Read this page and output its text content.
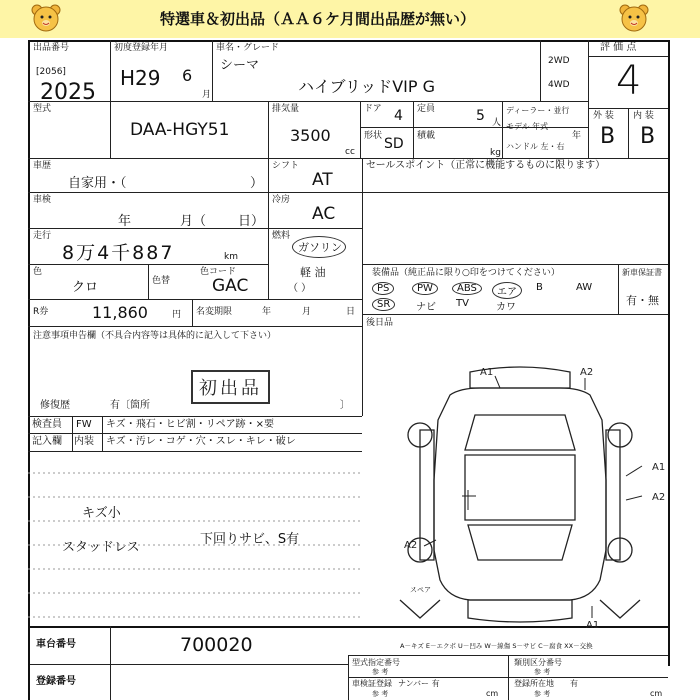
特選車＆初出品（ＡＡ６ケ月間出品歴が無い）
出品番号
[2056]
2025
初度登録年月
H29 6
月
車名・グレード
シーマ
ハイブリッドVIP G
2WD
4WD
評 価 点
4
外 装 内 装
B B
型式
DAA-HGY51
排気量
3500
cc
ドア 4 定員	5 人
形状 SD 積載
kg
ディーラー・並行
モデル 年式
年
ハンドル 左・右
車歴
自家用・（	）
車検
年	月（ 日）
走行
8万4千887	km
色
クロ	色替
色コード
GAC
R券	11,860	円 名変期限	年	月	日
注意事項申告欄（不具合内容等は具体的に記入して下さい）
初出品
修復歴	有〔箇所	〕
シフト
AT
冷房
AC
燃料
ガソリン
軽 油
（ ）
セールスポイント（正常に機能するものに限ります）
装備品（純正品に限り○印をつけてください）
PS	PW	ABS	エア	B	AW
SR	ナビ	TV	カワ
新車保証書
有・無
後日品
検査員
記入欄
FW キズ・飛石・ヒビ割・リペア跡・×要
内装 キズ・汚レ・コゲ・穴・スレ・キレ・破レ
キズ小
スタッドレス
下回りサビ、S有
A1	A2
A1
A2
A2
A1
スペア
A－キズ E－エクボ U－凹み W－線傷 S－サビ C－腐食 XX－交換
車台番号	700020
登録番号
型式指定番号
参 考
類別区分番号
参 考
車検証登録 ナンバー 有
参 考	cm
登録所在地 有
参 考	cm
